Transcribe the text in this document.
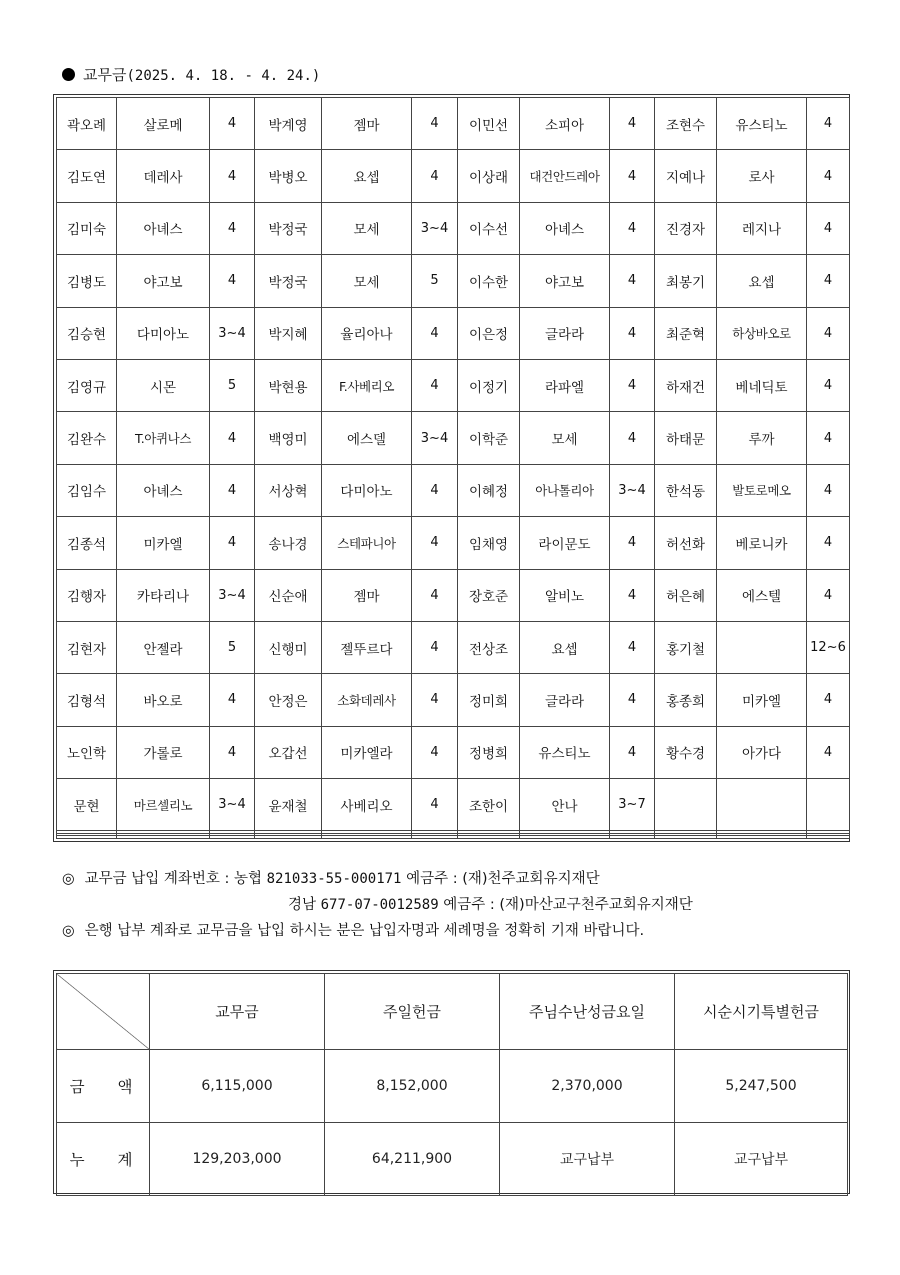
교무금(2025. 4. 18. - 4. 24.)
곽오례	살로메	4	박계영	젬마	4	이민선	소피아	4	조현수	유스티노	4
김도연	데레사	4	박병오	요셉	4	이상래	대건안드레아	4	지예나	로사	4
김미숙	아녜스	4	박정국	모세	3~4	이수선	아녜스	4	진경자	레지나	4
김병도	야고보	4	박정국	모세	5	이수한	야고보	4	최봉기	요셉	4
김승현	다미아노	3~4	박지혜	율리아나	4	이은정	글라라	4	최준혁	하상바오로	4
김영규	시몬	5	박현용	F.사베리오	4	이정기	라파엘	4	하재건	베네딕토	4
김완수	T.아퀴나스	4	백영미	에스델	3~4	이학준	모세	4	하태문	루까	4
김임수	아녜스	4	서상혁	다미아노	4	이혜정	아나톨리아	3~4	한석동	발토로메오	4
김종석	미카엘	4	송나경	스테파니아	4	임채영	라이문도	4	허선화	베로니카	4
김행자	카타리나	3~4	신순애	젬마	4	장호준	알비노	4	허은혜	에스텔	4
김현자	안젤라	5	신행미	젤뚜르다	4	전상조	요셉	4	홍기철		12~6
김형석	바오로	4	안정은	소화데레사	4	정미희	글라라	4	홍종희	미카엘	4
노인학	가롤로	4	오갑선	미카엘라	4	정병희	유스티노	4	황수경	아가다	4
문현	마르셀리노	3~4	윤재철	사베리오	4	조한이	안나	3~7			

◎ 교무금 납입 계좌번호 : 농협 821033-55-000171 예금주 : (재)천주교회유지재단
경남 677-07-0012589 예금주 : (재)마산교구천주교회유지재단
◎ 은행 납부 계좌로 교무금을 납입 하시는 분은 납입자명과 세례명을 정확히 기재 바랍니다.
	교무금	주일헌금	주님수난성금요일	시순시기특별헌금
금 액	6,115,000	8,152,000	2,370,000	5,247,500
누 계	129,203,000	64,211,900	교구납부	교구납부
